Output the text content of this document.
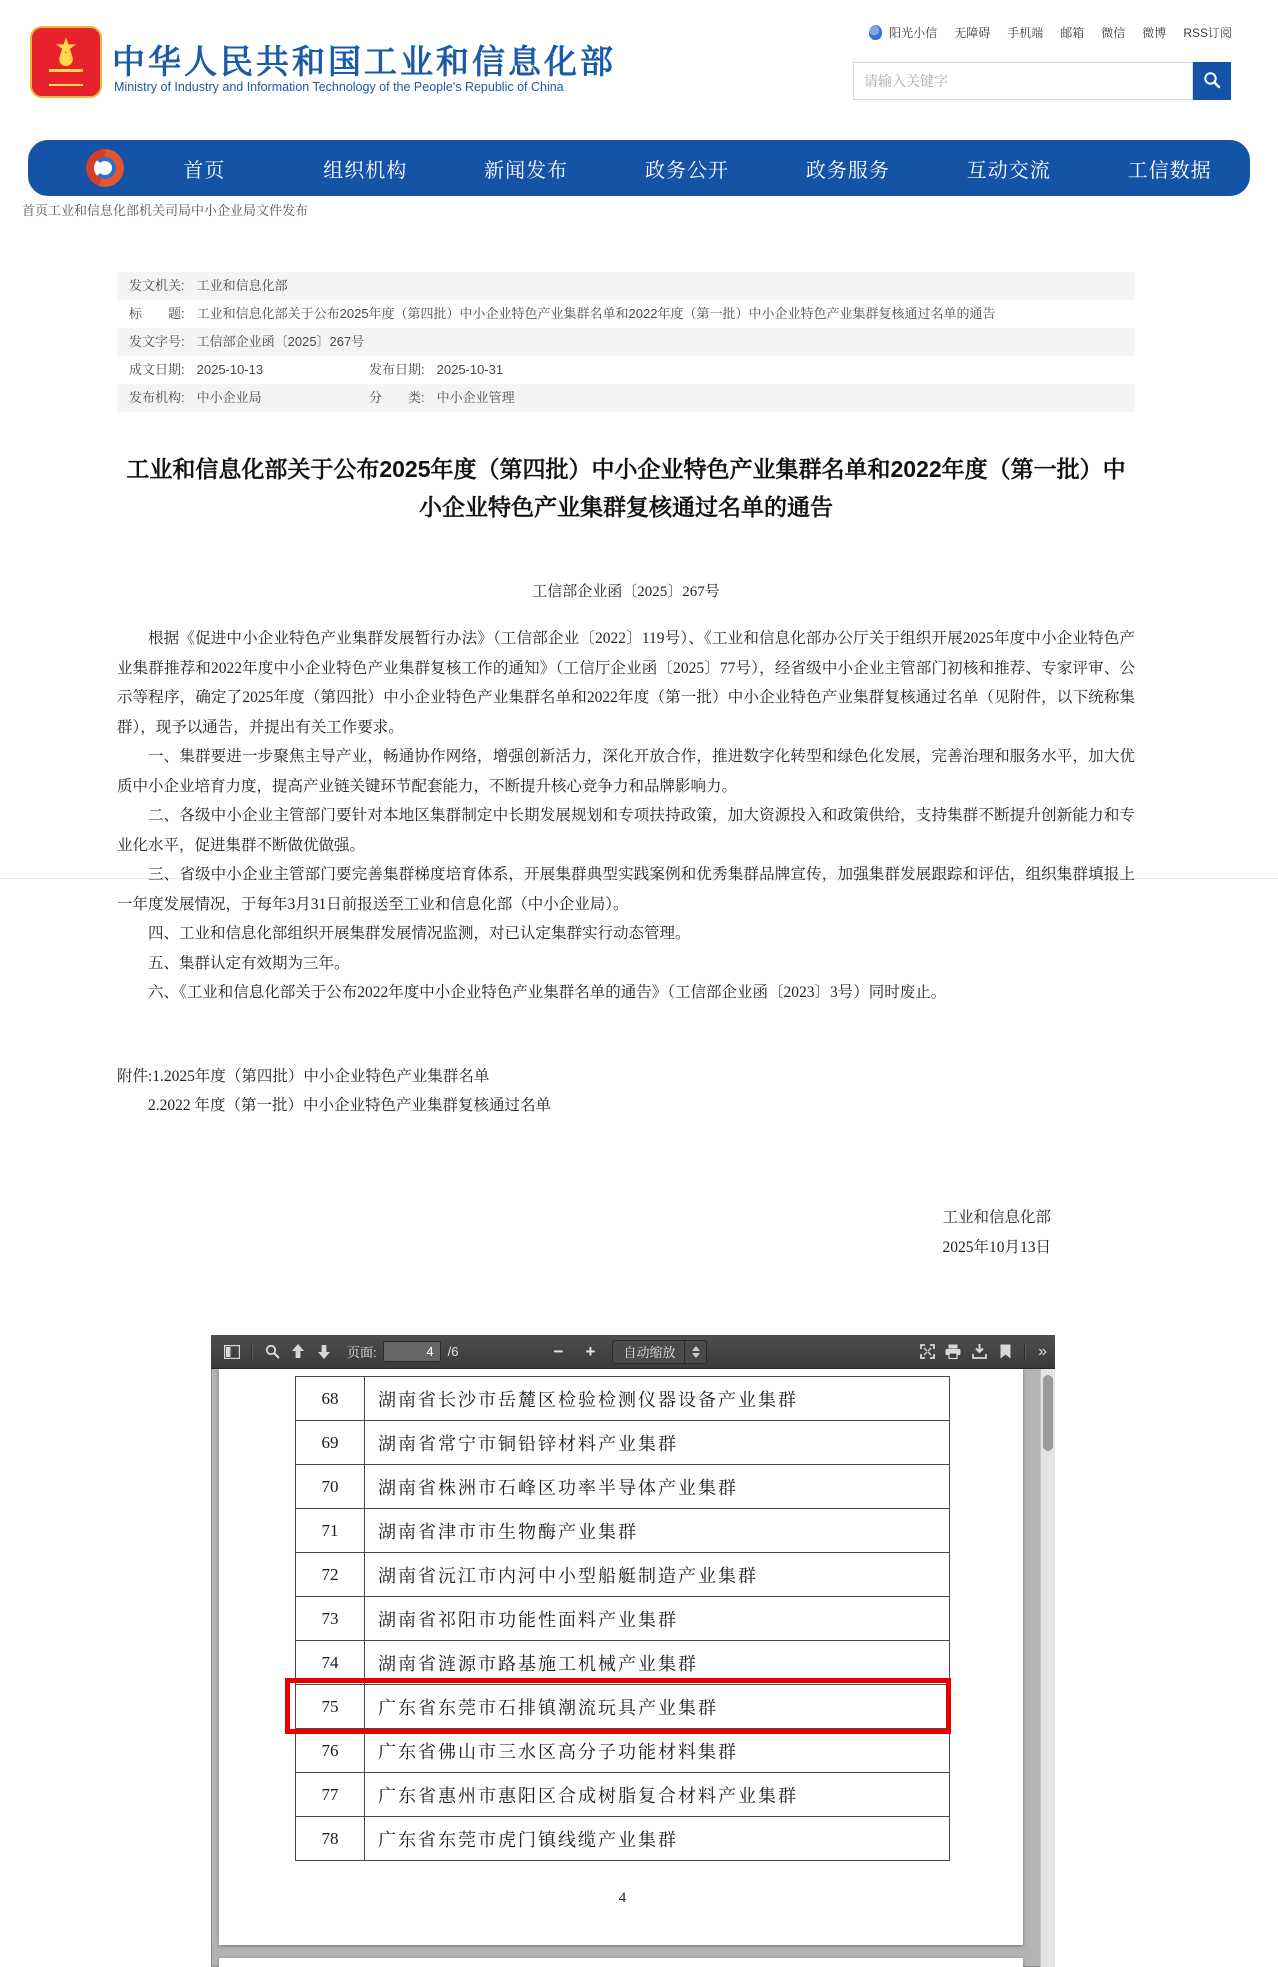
★	中华人民共和国工业和信息化部
Ministry of Industry and Information Technology of the People's Republic of China
阳光小信 无障碍 手机端 邮箱 微信 微博 RSS订阅
请输入关键字
首页	组织机构	新闻发布	政务公开	政务服务	互动交流	工信数据
首页 工业和信息化部 机关司局 中小企业局 文件发布
发文机关: 工业和信息化部
标　　题: 工业和信息化部关于公布2025年度（第四批）中小企业特色产业集群名单和2022年度（第一批）中小企业特色产业集群复核通过名单的通告
发文字号: 工信部企业函〔2025〕267号
成文日期: 2025-10-13	发布日期: 2025-10-31
发布机构: 中小企业局	分　　类: 中小企业管理
工业和信息化部关于公布2025年度（第四批）中小企业特色产业集群名单和2022年度（第一批）中小企业特色产业集群复核通过名单的通告
工信部企业函〔2025〕267号

根据《促进中小企业特色产业集群发展暂行办法》（工信部企业〔2022〕119号）、《工业和信息化部办公厅关于组织开展2025年度中小企业特色产业集群推荐和2022年度中小企业特色产业集群复核工作的通知》（工信厅企业函〔2025〕77号），经省级中小企业主管部门初核和推荐、专家评审、公示等程序，确定了2025年度（第四批）中小企业特色产业集群名单和2022年度（第一批）中小企业特色产业集群复核通过名单（见附件，以下统称集群），现予以通告，并提出有关工作要求。

一、集群要进一步聚焦主导产业，畅通协作网络，增强创新活力，深化开放合作，推进数字化转型和绿色化发展，完善治理和服务水平，加大优质中小企业培育力度，提高产业链关键环节配套能力，不断提升核心竞争力和品牌影响力。

二、各级中小企业主管部门要针对本地区集群制定中长期发展规划和专项扶持政策，加大资源投入和政策供给，支持集群不断提升创新能力和专业化水平，促进集群不断做优做强。

三、省级中小企业主管部门要完善集群梯度培育体系，开展集群典型实践案例和优秀集群品牌宣传，加强集群发展跟踪和评估，组织集群填报上一年度发展情况，于每年3月31日前报送至工业和信息化部（中小企业局）。

四、工业和信息化部组织开展集群发展情况监测，对已认定集群实行动态管理。

五、集群认定有效期为三年。

六、《工业和信息化部关于公布2022年度中小企业特色产业集群名单的通告》（工信部企业函〔2023〕3号）同时废止。

附件:1.2025年度（第四批）中小企业特色产业集群名单
2.2022 年度（第一批）中小企业特色产业集群复核通过名单
工业和信息化部
2025年10月13日
页面:
4	/6	−	+	自动缩放	»
68	湖南省长沙市岳麓区检验检测仪器设备产业集群
69	湖南省常宁市铜铅锌材料产业集群
70	湖南省株洲市石峰区功率半导体产业集群
71	湖南省津市市生物酶产业集群
72	湖南省沅江市内河中小型船艇制造产业集群
73	湖南省祁阳市功能性面料产业集群
74	湖南省涟源市路基施工机械产业集群
75	广东省东莞市石排镇潮流玩具产业集群
76	广东省佛山市三水区高分子功能材料集群
77	广东省惠州市惠阳区合成树脂复合材料产业集群
78	广东省东莞市虎门镇线缆产业集群
4
